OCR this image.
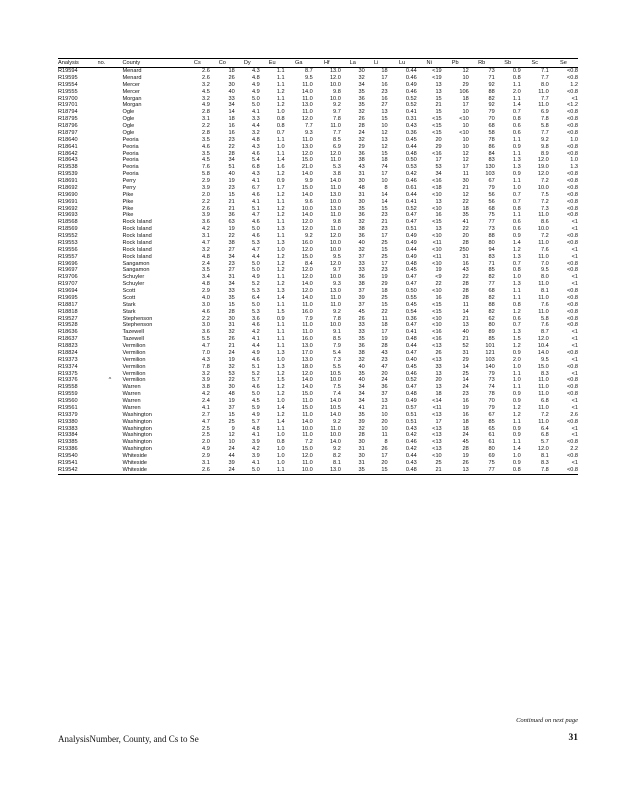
Analysis	no.	County	Cs	Co	Dy	Eu	Ga	Hf	La	Li	Lu	Ni	Pb	Rb	Sb	Sc	Se
R19594		Menard	2.6	18	4.3	1.1	8.7	13.0	30	18	0.44	<19	12	73	0.9	7.1	<0.8
R19595		Menard	2.6	26	4.8	1.1	9.5	12.0	32	17	0.46	<19	10	71	0.8	7.7	<0.8
R19554		Mercer	3.2	30	4.9	1.1	11.0	10.0	34	16	0.49	13	29	92	1.1	8.0	1.2
R19555		Mercer	4.5	40	4.9	1.2	14.0	9.8	35	23	0.46	13	106	88	2.0	11.0	<0.8
R19700		Morgan	3.2	33	5.0	1.1	11.0	10.0	36	16	0.52	15	18	82	1.1	7.7	<1
R19701		Morgan	4.9	34	5.0	1.2	13.0	9.2	35	27	0.52	21	17	92	1.4	11.0	<1.2
R18794		Ogle	2.8	14	4.1	1.0	11.0	9.7	32	13	0.41	15	10	79	0.7	6.9	<0.8
R18795		Ogle	3.1	18	3.3	0.8	12.0	7.8	26	15	0.31	<15	<10	70	0.8	7.8	<0.8
R18796		Ogle	2.2	16	4.4	0.8	7.7	11.0	28	10	0.43	<15	10	68	0.6	5.8	<0.8
R18797		Ogle	2.8	16	3.2	0.7	9.3	7.7	24	12	0.36	<15	<10	58	0.6	7.7	<0.8
R18640		Peoria	3.5	23	4.8	1.1	11.0	8.5	32	13	0.45	20	10	78	1.1	9.2	1.0
R18641		Peoria	4.6	22	4.3	1.0	13.0	6.9	29	12	0.44	29	10	86	0.9	9.8	<0.8
R18642		Peoria	3.5	28	4.6	1.1	12.0	12.0	36	15	0.48	<16	12	84	1.1	8.9	<0.8
R18643		Peoria	4.5	34	5.4	1.4	15.0	11.0	38	18	0.50	17	12	83	1.3	12.0	1.0
R19538		Peoria	7.6	51	6.8	1.6	21.0	5.3	43	74	0.53	53	17	130	1.3	19.0	1.3
R19539		Peoria	5.8	40	4.3	1.2	14.0	3.8	31	17	0.42	34	11	103	0.9	12.0	<0.8
R18691		Perry	2.9	19	4.1	0.9	9.9	14.0	30	10	0.46	<16	30	67	1.1	7.2	<0.8
R18692		Perry	3.9	23	6.7	1.7	15.0	11.0	48	8	0.61	<18	21	79	1.0	10.0	<0.8
R19690		Pike	2.0	15	4.6	1.2	14.0	13.0	31	14	0.44	<10	12	56	0.7	7.5	<0.8
R19691		Pike	2.2	21	4.1	1.1	9.6	10.0	30	14	0.41	13	22	56	0.7	7.2	<0.8
R19692		Pike	2.6	21	5.1	1.2	10.0	13.0	35	15	0.52	<10	18	68	0.8	7.3	<0.8
R19693		Pike	3.9	36	4.7	1.2	14.0	11.0	36	23	0.47	16	35	75	1.1	11.0	<0.8
R18568		Rock Island	3.6	63	4.6	1.1	12.0	9.8	32	21	0.47	<15	41	77	0.6	8.6	<1
R18569		Rock Island	4.2	19	5.0	1.3	12.0	11.0	38	23	0.51	13	22	73	0.6	10.0	<1
R19552		Rock Island	3.1	22	4.6	1.1	9.2	12.0	36	17	0.49	<10	20	88	0.9	7.2	<0.8
R19553		Rock Island	4.7	38	5.3	1.3	16.0	10.0	40	25	0.49	<11	28	80	1.4	11.0	<0.8
R19556		Rock Island	3.2	27	4.7	1.0	12.0	10.0	32	15	0.44	<10	250	94	1.2	7.6	<1
R19557		Rock Island	4.8	34	4.4	1.2	15.0	9.5	37	25	0.49	<11	31	83	1.3	11.0	<1
R19696		Sangamon	2.4	23	5.0	1.2	8.4	12.0	33	17	0.48	<10	16	71	0.7	7.0	<0.8
R19697		Sangamon	3.5	27	5.0	1.2	12.0	9.7	33	23	0.45	19	43	85	0.8	9.5	<0.8
R19706		Schuyler	3.4	31	4.9	1.1	12.0	10.0	36	19	0.47	<9	22	82	1.0	8.0	<1
R19707		Schuyler	4.8	34	5.2	1.2	14.0	9.3	38	29	0.47	22	28	77	1.3	11.0	<1
R19694		Scott	2.9	33	5.3	1.3	12.0	13.0	37	18	0.50	<10	28	68	1.1	8.1	<0.8
R19695		Scott	4.0	35	6.4	1.4	14.0	11.0	39	25	0.55	16	28	82	1.1	11.0	<0.8
R18817		Stark	3.0	15	5.0	1.1	11.0	11.0	37	15	0.45	<15	11	88	0.8	7.6	<0.8
R18818		Stark	4.6	28	5.3	1.5	16.0	9.2	45	22	0.54	<15	14	82	1.2	11.0	<0.8
R19527		Stephenson	2.2	30	3.6	0.9	7.9	7.8	26	11	0.36	<10	21	62	0.6	5.8	<0.8
R19528		Stephenson	3.0	31	4.6	1.1	11.0	10.0	33	18	0.47	<10	13	80	0.7	7.6	<0.8
R18636		Tazewell	3.6	32	4.2	1.1	11.0	9.1	33	17	0.41	<16	40	89	1.3	8.7	<1
R18637		Tazewell	5.5	26	4.1	1.1	16.0	8.5	35	19	0.48	<16	21	85	1.5	12.0	<1
R18823		Vermilion	4.7	21	4.4	1.1	13.0	7.9	36	28	0.44	<13	52	101	1.2	10.4	<1
R18824		Vermilion	7.0	24	4.9	1.3	17.0	5.4	38	43	0.47	26	31	121	0.9	14.0	<0.8
R19373		Vermilion	4.3	19	4.6	1.0	13.0	7.3	32	23	0.40	<13	29	103	2.0	9.5	<1
R19374		Vermilion	7.8	32	5.1	1.3	18.0	5.5	40	47	0.45	33	14	140	1.0	15.0	<0.8
R19375		Vermilion	3.2	53	5.2	1.2	12.0	10.5	35	20	0.46	13	25	79	1.1	8.3	<1
R19376	^	Vermilion	3.9	22	5.7	1.5	14.0	10.0	40	24	0.52	20	14	73	1.0	11.0	<0.8
R19558		Warren	3.8	30	4.6	1.2	14.0	7.5	34	36	0.47	13	24	74	1.1	11.0	<0.8
R19559		Warren	4.2	48	5.0	1.2	15.0	7.4	34	37	0.48	18	23	78	0.9	11.0	<0.8
R19560		Warren	2.4	19	4.5	1.0	11.0	14.0	34	13	0.49	<14	16	70	0.9	6.8	<1
R19561		Warren	4.1	37	5.9	1.4	15.0	10.5	41	21	0.57	<11	19	79	1.2	11.0	<1
R19379		Washington	2.7	15	4.9	1.2	11.0	14.0	35	10	0.51	<13	16	67	1.2	7.2	2.6
R19380		Washington	4.7	25	5.7	1.4	14.0	9.2	39	20	0.51	17	18	85	1.1	11.0	<0.8
R19383		Washington	2.5	9	4.8	1.1	10.0	11.0	32	10	0.43	<13	18	65	0.9	6.4	<1
R19384		Washington	2.5	12	4.1	1.0	11.0	10.0	28	11	0.42	<13	24	61	0.9	6.8	<1
R19385		Washington	2.0	10	3.9	0.8	7.2	14.0	30	8	0.46	<13	45	61	1.1	5.7	<0.8
R19386		Washington	4.9	24	4.2	1.0	15.0	9.2	31	26	0.42	<13	28	80	1.4	12.0	2.2
R19540		Whiteside	2.9	44	3.9	1.0	12.0	8.2	30	17	0.44	<10	19	69	1.0	8.1	<0.8
R19541		Whiteside	3.1	39	4.1	1.0	11.0	8.1	31	20	0.43	25	26	75	0.9	8.3	<1
R19542		Whiteside	2.6	24	5.0	1.1	10.0	13.0	35	15	0.48	21	13	77	0.8	7.8	<0.8
Continued on next page
AnalysisNumber, County, and Cs to Se	31
